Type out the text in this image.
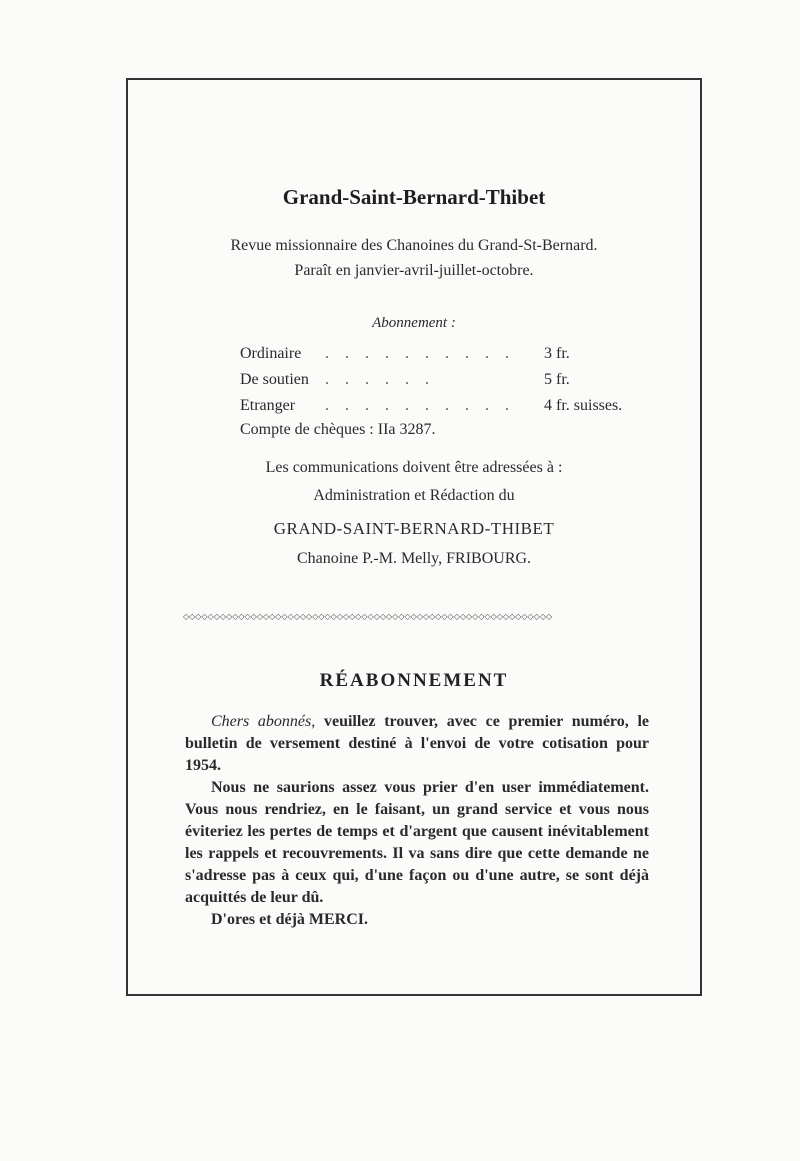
Grand-Saint-Bernard-Thibet
Revue missionnaire des Chanoines du Grand-St-Bernard.
Paraît en janvier-avril-juillet-octobre.
Abonnement :
Ordinaire . . . . . . . . . . 3 fr.
De soutien . . . . . .	5 fr.
Etranger . . . . . . . . . . 4 fr. suisses.
Compte de chèques : IIa 3287.
Les communications doivent être adressées à :
Administration et Rédaction du
GRAND-SAINT-BERNARD-THIBET
Chanoine P.-M. Melly, FRIBOURG.
◇◇◇◇◇◇◇◇◇◇◇◇◇◇◇◇◇◇◇◇◇◇◇◇◇◇◇◇◇◇◇◇◇◇◇◇◇◇◇◇◇◇◇◇◇◇◇◇◇◇◇◇◇◇◇◇◇◇◇◇
RÉABONNEMENT

Chers abonnés, veuillez trouver, avec ce premier numéro, le bulletin de versement destiné à l'envoi de votre cotisation pour 1954.

Nous ne saurions assez vous prier d'en user immédiatement. Vous nous rendriez, en le faisant, un grand service et vous nous éviteriez les pertes de temps et d'argent que causent inévitablement les rappels et recouvrements. Il va sans dire que cette demande ne s'adresse pas à ceux qui, d'une façon ou d'une autre, se sont déjà acquittés de leur dû.

D'ores et déjà MERCI.
